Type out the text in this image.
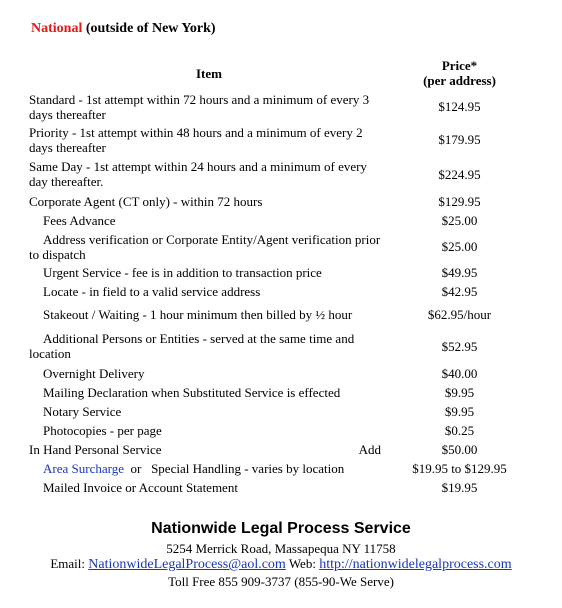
National (outside of New York)
Item	Price*
(per address)

Standard - 1st attempt within 72 hours and a minimum of every 3 days thereafter	$124.95
Priority - 1st attempt within 48 hours and a minimum of every 2 days thereafter	$179.95
Same Day - 1st attempt within 24 hours and a minimum of every day thereafter.	$224.95
Corporate Agent (CT only) - within 72 hours	$129.95

Fees Advance	$25.00

Address verification or Corporate Entity/Agent verification prior to dispatch	$25.00

Urgent Service - fee is in addition to transaction price	$49.95

Locate - in field to a valid service address	$42.95

Stakeout / Waiting - 1 hour minimum then billed by ½ hour	$62.95/hour

Additional Persons or Entities - served at the same time and location	$52.95

Overnight Delivery	$40.00

Mailing Declaration when Substituted Service is effected	$9.95

Notary Service	$9.95

Photocopies - per page	$0.25
In Hand Personal Service Add	$50.00

Area Surcharge or Special Handling - varies by location	$19.95 to $129.95

Mailed Invoice or Account Statement	$19.95
Nationwide Legal Process Service
5254 Merrick Road, Massapequa NY 11758
Email: NationwideLegalProcess@aol.com Web: http://nationwidelegalprocess.com
Toll Free 855 909-3737 (855-90-We Serve)
